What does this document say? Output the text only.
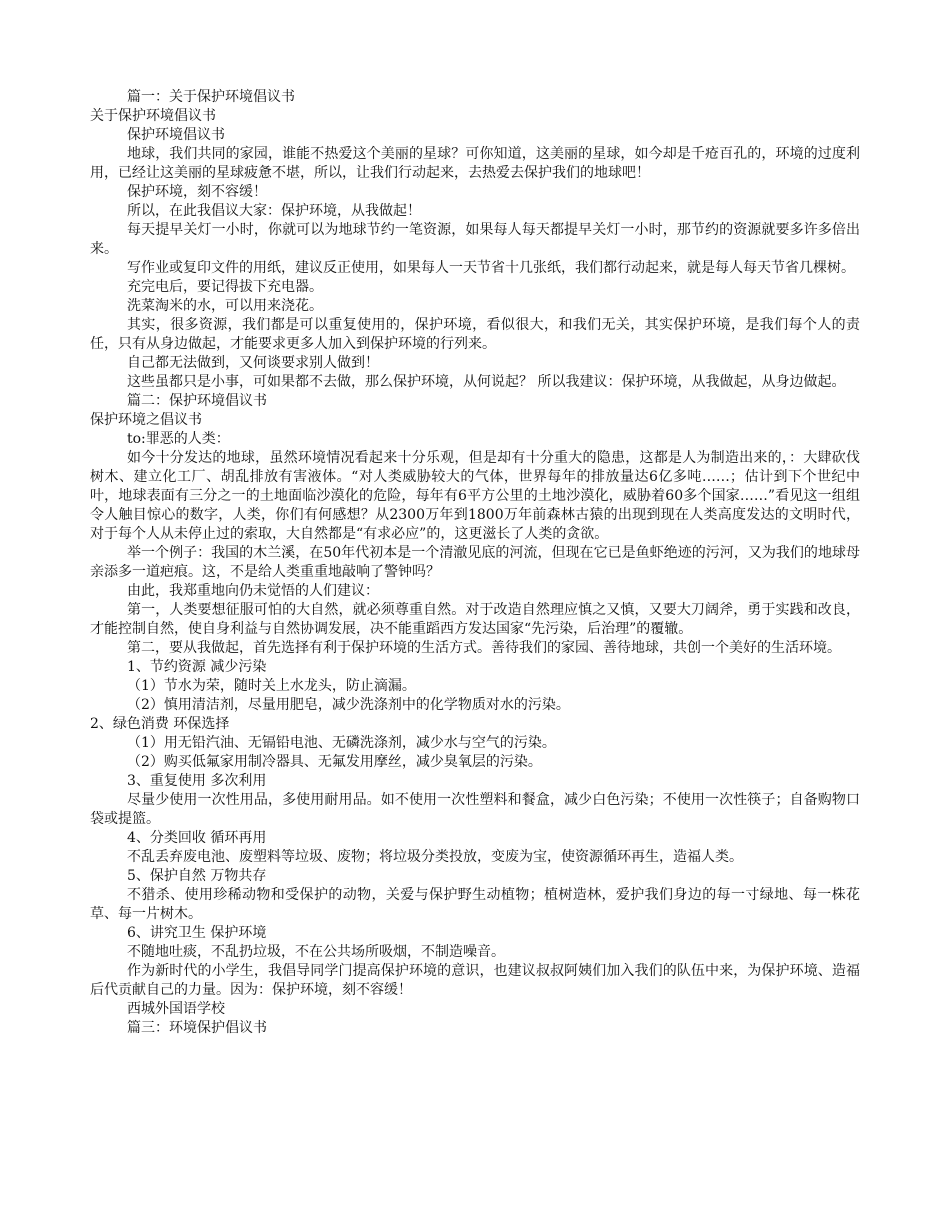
篇一：关于保护环境倡议书

关于保护环境倡议书

保护环境倡议书

地球，我们共同的家园，谁能不热爱这个美丽的星球？可你知道，这美丽的星球，如今却是千疮百孔的，环境的过度利用，已经让这美丽的星球疲惫不堪，所以，让我们行动起来，去热爱去保护我们的地球吧！

保护环境，刻不容缓！

所以，在此我倡议大家：保护环境，从我做起！

每天提早关灯一小时，你就可以为地球节约一笔资源，如果每人每天都提早关灯一小时，那节约的资源就要多许多倍出来。

写作业或复印文件的用纸，建议反正使用，如果每人一天节省十几张纸，我们都行动起来，就是每人每天节省几棵树。

充完电后，要记得拔下充电器。

洗菜淘米的水，可以用来浇花。

其实，很多资源，我们都是可以重复使用的，保护环境，看似很大，和我们无关，其实保护环境，是我们每个人的责任，只有从身边做起，才能要求更多人加入到保护环境的行列来。

自己都无法做到，又何谈要求别人做到！

这些虽都只是小事，可如果都不去做，那么保护环境，从何说起？ 所以我建议：保护环境，从我做起，从身边做起。

篇二：保护环境倡议书

保护环境之倡议书

to:罪恶的人类：

如今十分发达的地球，虽然环境情况看起来十分乐观，但是却有十分重大的隐患，这都是人为制造出来的，：大肆砍伐树木、建立化工厂、胡乱排放有害液体。“对人类威胁较大的气体，世界每年的排放量达6亿多吨……；估计到下个世纪中叶，地球表面有三分之一的土地面临沙漠化的危险，每年有6平方公里的土地沙漠化，威胁着60多个国家……”看见这一组组令人触目惊心的数字，人类，你们有何感想？从2300万年到1800万年前森林古猿的出现到现在人类高度发达的文明时代，对于每个人从未停止过的索取，大自然都是“有求必应”的，这更滋长了人类的贪欲。

举一个例子：我国的木兰溪，在50年代初本是一个清澈见底的河流，但现在它已是鱼虾绝迹的污河，又为我们的地球母亲添多一道疤痕。这，不是给人类重重地敲响了警钟吗？

由此，我郑重地向仍未觉悟的人们建议：

第一，人类要想征服可怕的大自然，就必须尊重自然。对于改造自然理应慎之又慎，又要大刀阔斧，勇于实践和改良，才能控制自然，使自身利益与自然协调发展，决不能重蹈西方发达国家“先污染，后治理”的覆辙。

第二，要从我做起，首先选择有利于保护环境的生活方式。善待我们的家园、善待地球，共创一个美好的生活环境。

1、节约资源 减少污染

（1）节水为荣，随时关上水龙头，防止滴漏。

（2）慎用清洁剂，尽量用肥皂，减少洗涤剂中的化学物质对水的污染。

2、绿色消费 环保选择

（1）用无铅汽油、无镉铅电池、无磷洗涤剂，减少水与空气的污染。

（2）购买低氟家用制冷器具、无氟发用摩丝，减少臭氧层的污染。

3、重复使用 多次利用

尽量少使用一次性用品，多使用耐用品。如不使用一次性塑料和餐盒，减少白色污染；不使用一次性筷子；自备购物口袋或提篮。

4、分类回收 循环再用

不乱丢弃废电池、废塑料等垃圾、废物；将垃圾分类投放，变废为宝，使资源循环再生，造福人类。

5、保护自然 万物共存

不猎杀、使用珍稀动物和受保护的动物，关爱与保护野生动植物；植树造林，爱护我们身边的每一寸绿地、每一株花草、每一片树木。

6、讲究卫生 保护环境

不随地吐痰，不乱扔垃圾，不在公共场所吸烟，不制造噪音。

作为新时代的小学生，我倡导同学门提高保护环境的意识，也建议叔叔阿姨们加入我们的队伍中来，为保护环境、造福后代贡献自己的力量。因为：保护环境，刻不容缓！

西城外国语学校

篇三：环境保护倡议书
